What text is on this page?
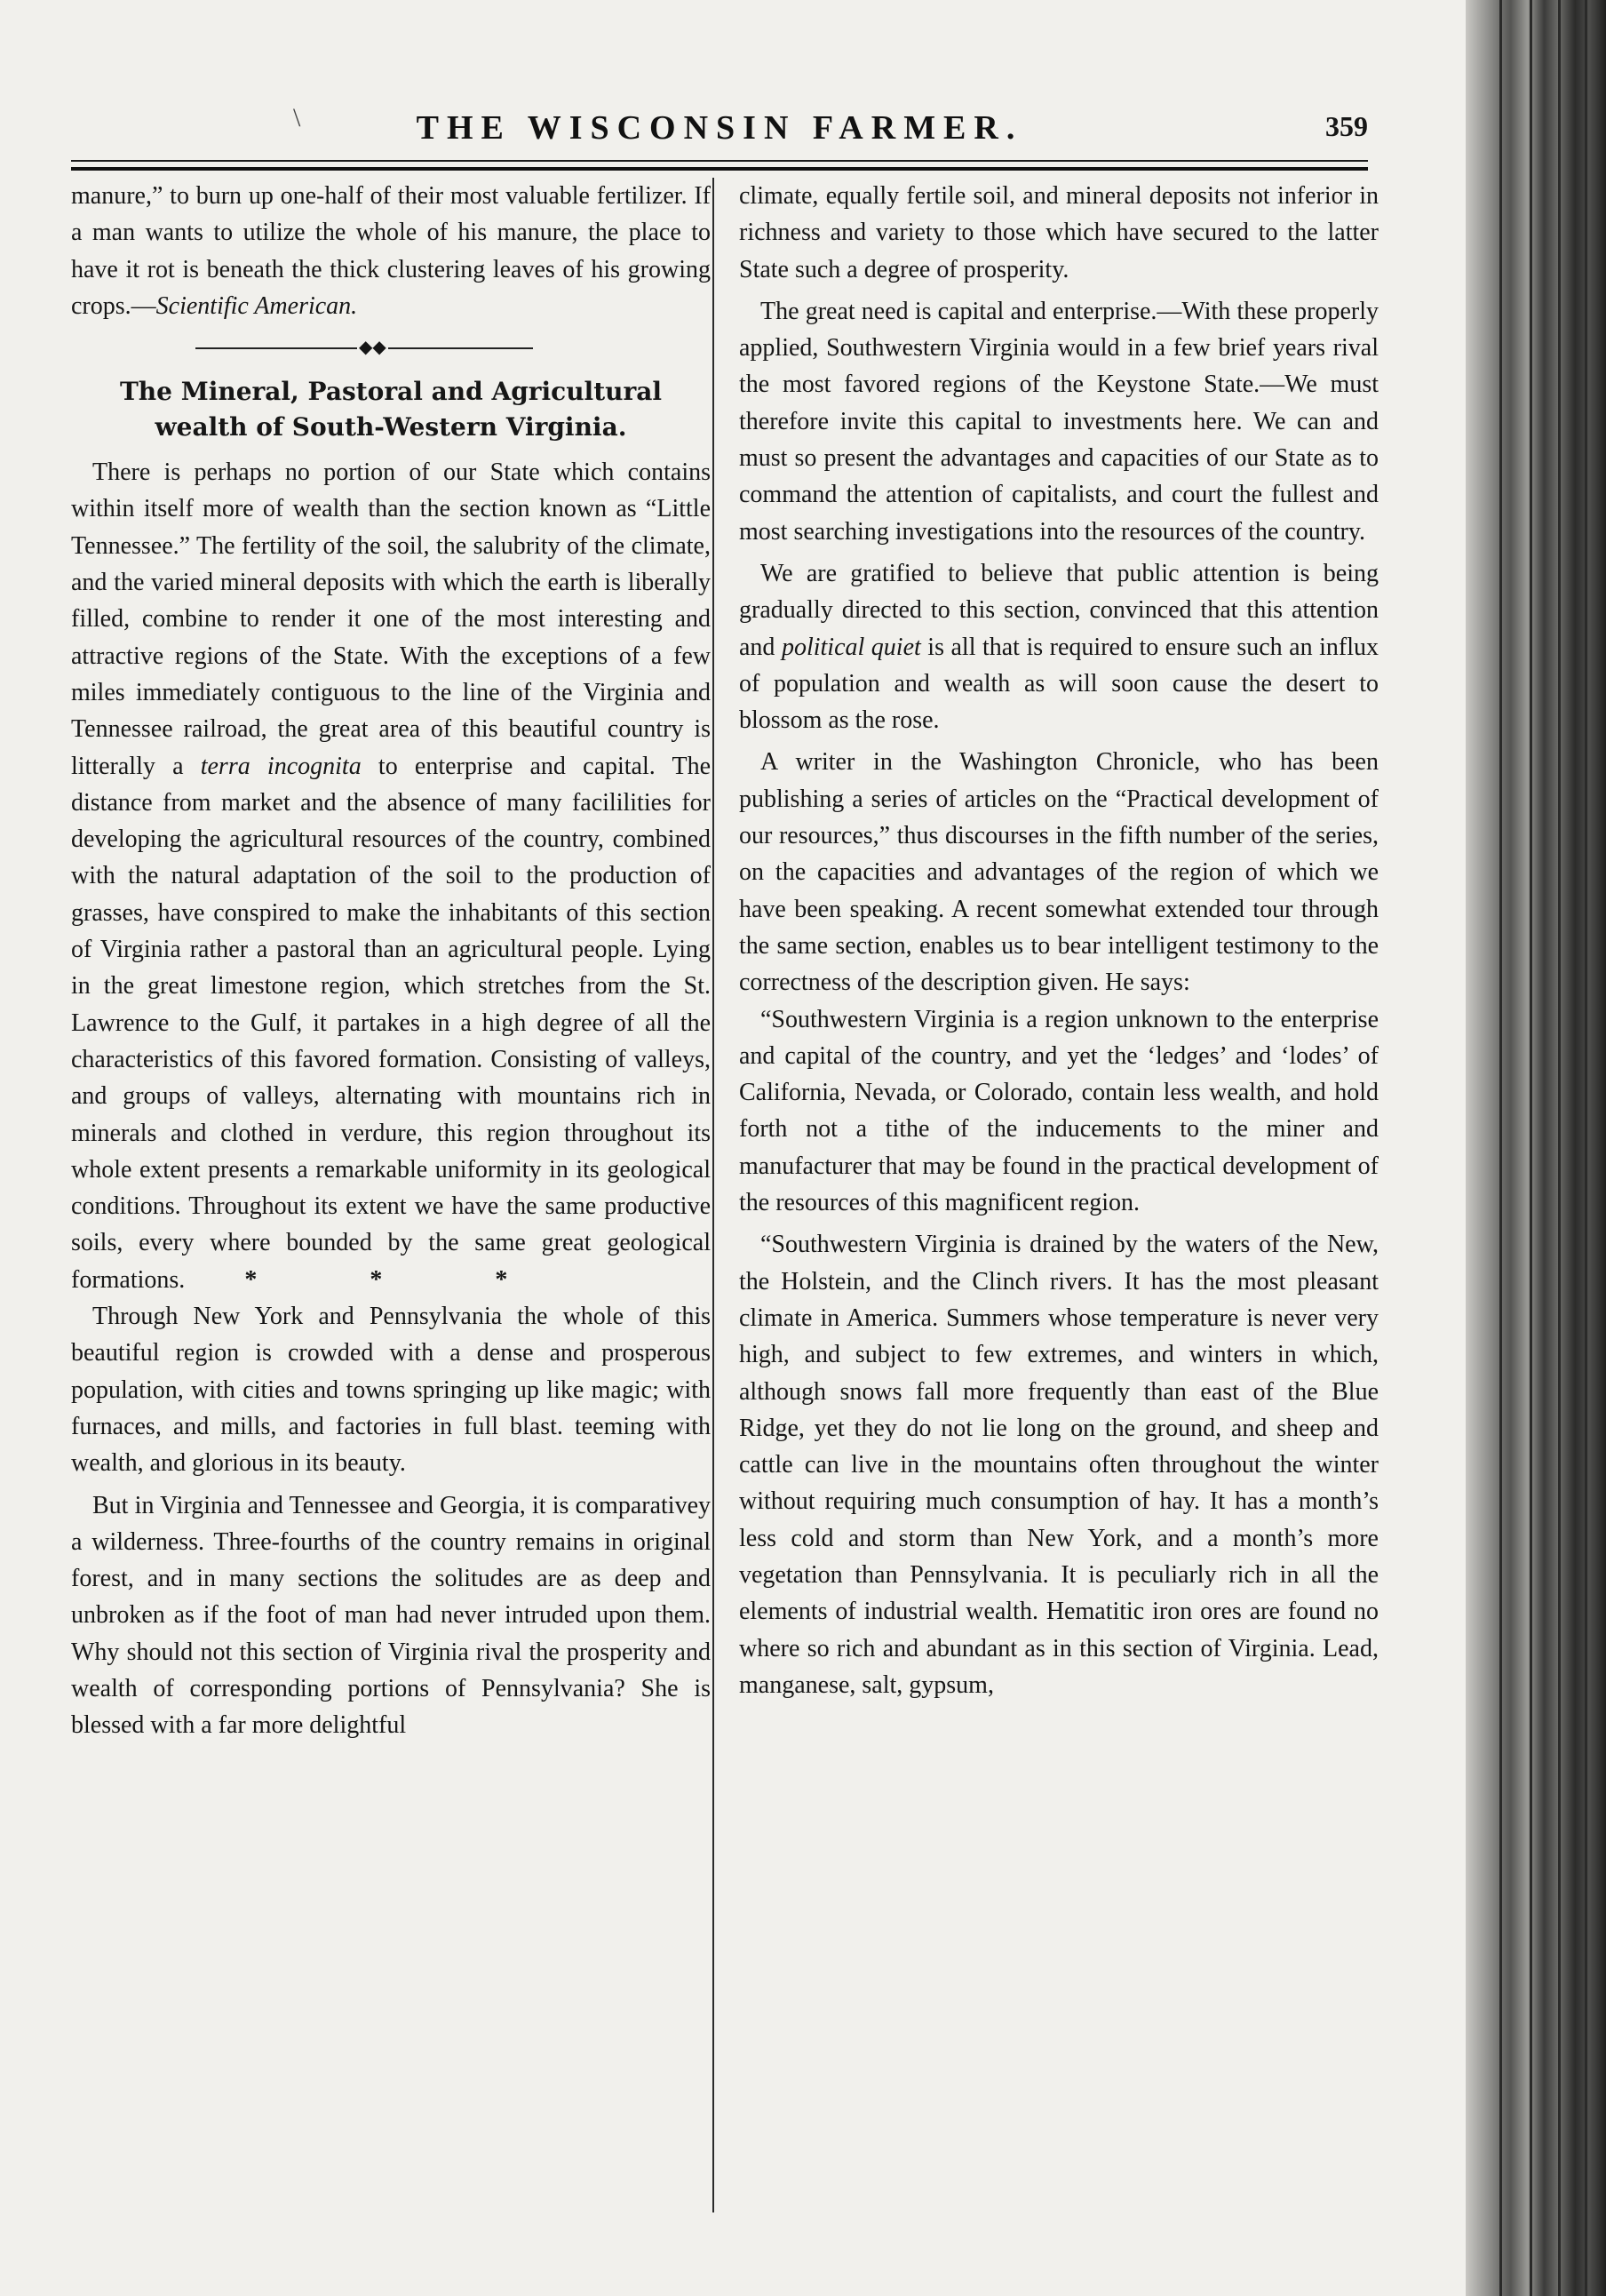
\	THE WISCONSIN FARMER.	359

manure,” to burn up one-half of their most valuable fertilizer. If a man wants to utilize the whole of his manure, the place to have it rot is beneath the thick clustering leaves of his growing crops.—Scientific American.

◆◆
The Mineral, Pastoral and Agricultural
wealth of South-Western Virginia.

There is perhaps no portion of our State which contains within itself more of wealth than the section known as “Little Tennessee.” The fertility of the soil, the salubrity of the climate, and the varied mineral deposits with which the earth is liberally filled, combine to render it one of the most interesting and attractive regions of the State. With the exceptions of a few miles immediately contiguous to the line of the Virginia and Tennessee railroad, the great area of this beautiful country is litterally a terra incognita to enterprise and capital. The distance from market and the absence of many facililities for developing the agricultural resources of the country, combined with the natural adaptation of the soil to the production of grasses, have conspired to make the inhabitants of this section of Virginia rather a pastoral than an agricultural people. Lying in the great limestone region, which stretches from the St. Lawrence to the Gulf, it partakes in a high degree of all the characteristics of this favored formation. Consisting of valleys, and groups of valleys, alternating with mountains rich in minerals and clothed in verdure, this region throughout its whole extent presents a remarkable uniformity in its geological conditions. Throughout its extent we have the same productive soils, every where bounded by the same great geological formations. * * *

Through New York and Pennsylvania the whole of this beautiful region is crowded with a dense and prosperous population, with cities and towns springing up like magic; with furnaces, and mills, and factories in full blast. teeming with wealth, and glorious in its beauty.

But in Virginia and Tennessee and Georgia, it is comparativey a wilderness. Three-fourths of the country remains in original forest, and in many sections the solitudes are as deep and unbroken as if the foot of man had never intruded upon them. Why should not this section of Virginia rival the prosperity and wealth of corresponding portions of Pennsylvania? She is blessed with a far more delightful

climate, equally fertile soil, and mineral deposits not inferior in richness and variety to those which have secured to the latter State such a degree of prosperity.

The great need is capital and enterprise.—With these properly applied, Southwestern Virginia would in a few brief years rival the most favored regions of the Keystone State.—We must therefore invite this capital to investments here. We can and must so present the advantages and capacities of our State as to command the attention of capitalists, and court the fullest and most searching investigations into the resources of the country.

We are gratified to believe that public attention is being gradually directed to this section, convinced that this attention and political quiet is all that is required to ensure such an influx of population and wealth as will soon cause the desert to blossom as the rose.

A writer in the Washington Chronicle, who has been publishing a series of articles on the “Practical development of our resources,” thus discourses in the fifth number of the series, on the capacities and advantages of the region of which we have been speaking. A recent somewhat extended tour through the same section, enables us to bear intelligent testimony to the correctness of the description given. He says:

“Southwestern Virginia is a region unknown to the enterprise and capital of the country, and yet the ‘ledges’ and ‘lodes’ of California, Nevada, or Colorado, contain less wealth, and hold forth not a tithe of the inducements to the miner and manufacturer that may be found in the practical development of the resources of this magnificent region.

“Southwestern Virginia is drained by the waters of the New, the Holstein, and the Clinch rivers. It has the most pleasant climate in America. Summers whose temperature is never very high, and subject to few extremes, and winters in which, although snows fall more frequently than east of the Blue Ridge, yet they do not lie long on the ground, and sheep and cattle can live in the mountains often throughout the winter without requiring much consumption of hay. It has a month’s less cold and storm than New York, and a month’s more vegetation than Pennsylvania. It is peculiarly rich in all the elements of industrial wealth. Hematitic iron ores are found no where so rich and abundant as in this section of Virginia. Lead, manganese, salt, gypsum,
